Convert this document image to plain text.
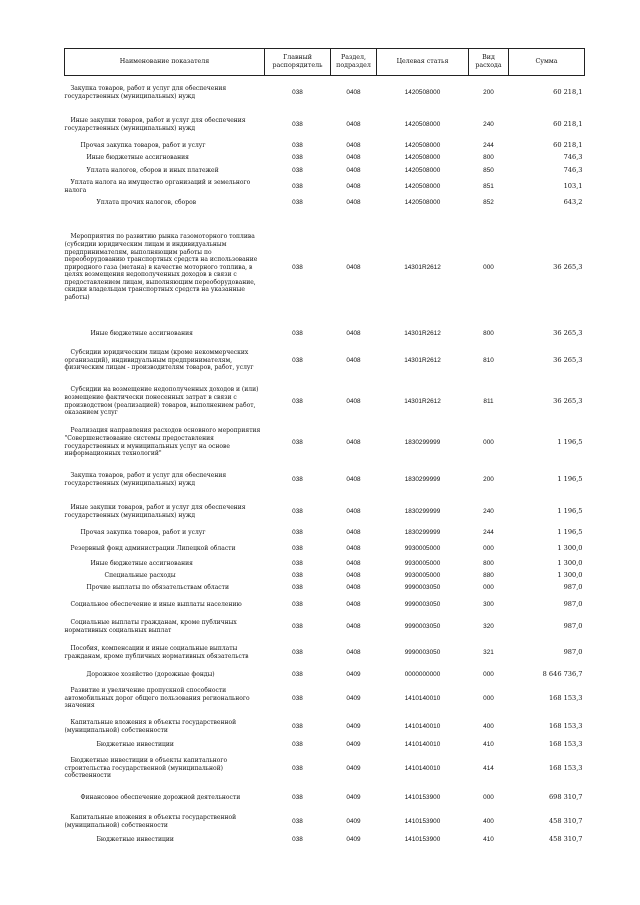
Наименование показателя	Главный распорядитель	Раздел, подраздел	Целевая статья	Вид расхода	Сумма

Закупка товаров, работ и услуг для обеспечения государственных (муниципальных) нужд	038	0408	1420508000	200	60 218,1

Иные закупки товаров, работ и услуг для обеспечения государственных (муниципальных) нужд	038	0408	1420508000	240	60 218,1

Прочая закупка товаров, работ и услуг	038	0408	1420508000	244	60 218,1

Иные бюджетные ассигнования	038	0408	1420508000	800	746,3

Уплата налогов, сборов и иных платежей	038	0408	1420508000	850	746,3

Уплата налога на имущество организаций и земельного налога	038	0408	1420508000	851	103,1

Уплата прочих налогов, сборов	038	0408	1420508000	852	643,2

Мероприятия по развитию рынка газомоторного топлива (субсидии юридическим лицам и индивидуальным предпринимателям, выполняющим работы по переоборудованию транспортных средств на использование природного газа (метана) в качестве моторного топлива, в целях возмещения недополученных доходов в связи с предоставлением лицам, выполняющим переоборудование, скидки владельцам транспортных средств на указанные работы)	038	0408	14301R2612	000	36 265,3

Иные бюджетные ассигнования	038	0408	14301R2612	800	36 265,3

Субсидии юридическим лицам (кроме некоммерческих организаций), индивидуальным предпринимателям, физическим лицам - производителям товаров, работ, услуг	038	0408	14301R2612	810	36 265,3

Субсидии на возмещение недополученных доходов и (или) возмещение фактически понесенных затрат в связи с производством (реализацией) товаров, выполнением работ, оказанием услуг	038	0408	14301R2612	811	36 265,3

Реализация направления расходов основного мероприятия "Совершенствование системы предоставления государственных и муниципальных услуг на основе информационных технологий"	038	0408	1830299999	000	1 196,5

Закупка товаров, работ и услуг для обеспечения государственных (муниципальных) нужд	038	0408	1830299999	200	1 196,5

Иные закупки товаров, работ и услуг для обеспечения государственных (муниципальных) нужд	038	0408	1830299999	240	1 196,5

Прочая закупка товаров, работ и услуг	038	0408	1830299999	244	1 196,5

Резервный фонд администрации Липецкой области	038	0408	9930005000	000	1 300,0

Иные бюджетные ассигнования	038	0408	9930005000	800	1 300,0

Специальные расходы	038	0408	9930005000	880	1 300,0

Прочие выплаты по обязательствам области	038	0408	9990003050	000	987,0

Социальное обеспечение и иные выплаты населению	038	0408	9990003050	300	987,0

Социальные выплаты гражданам, кроме публичных нормативных социальных выплат	038	0408	9990003050	320	987,0

Пособия, компенсации и иные социальные выплаты гражданам, кроме публичных нормативных обязательств	038	0408	9990003050	321	987,0

Дорожное хозяйство (дорожные фонды)	038	0409	0000000000	000	8 646 736,7

Развитие и увеличение пропускной способности автомобильных дорог общего пользования регионального значения	038	0409	1410140010	000	168 153,3

Капитальные вложения в объекты государственной (муниципальной) собственности	038	0409	1410140010	400	168 153,3

Бюджетные инвестиции	038	0409	1410140010	410	168 153,3

Бюджетные инвестиции в объекты капитального строительства государственной (муниципальной) собственности	038	0409	1410140010	414	168 153,3

Финансовое обеспечение дорожной деятельности	038	0409	1410153900	000	698 310,7

Капитальные вложения в объекты государственной (муниципальной) собственности	038	0409	1410153900	400	458 310,7

Бюджетные инвестиции	038	0409	1410153900	410	458 310,7
